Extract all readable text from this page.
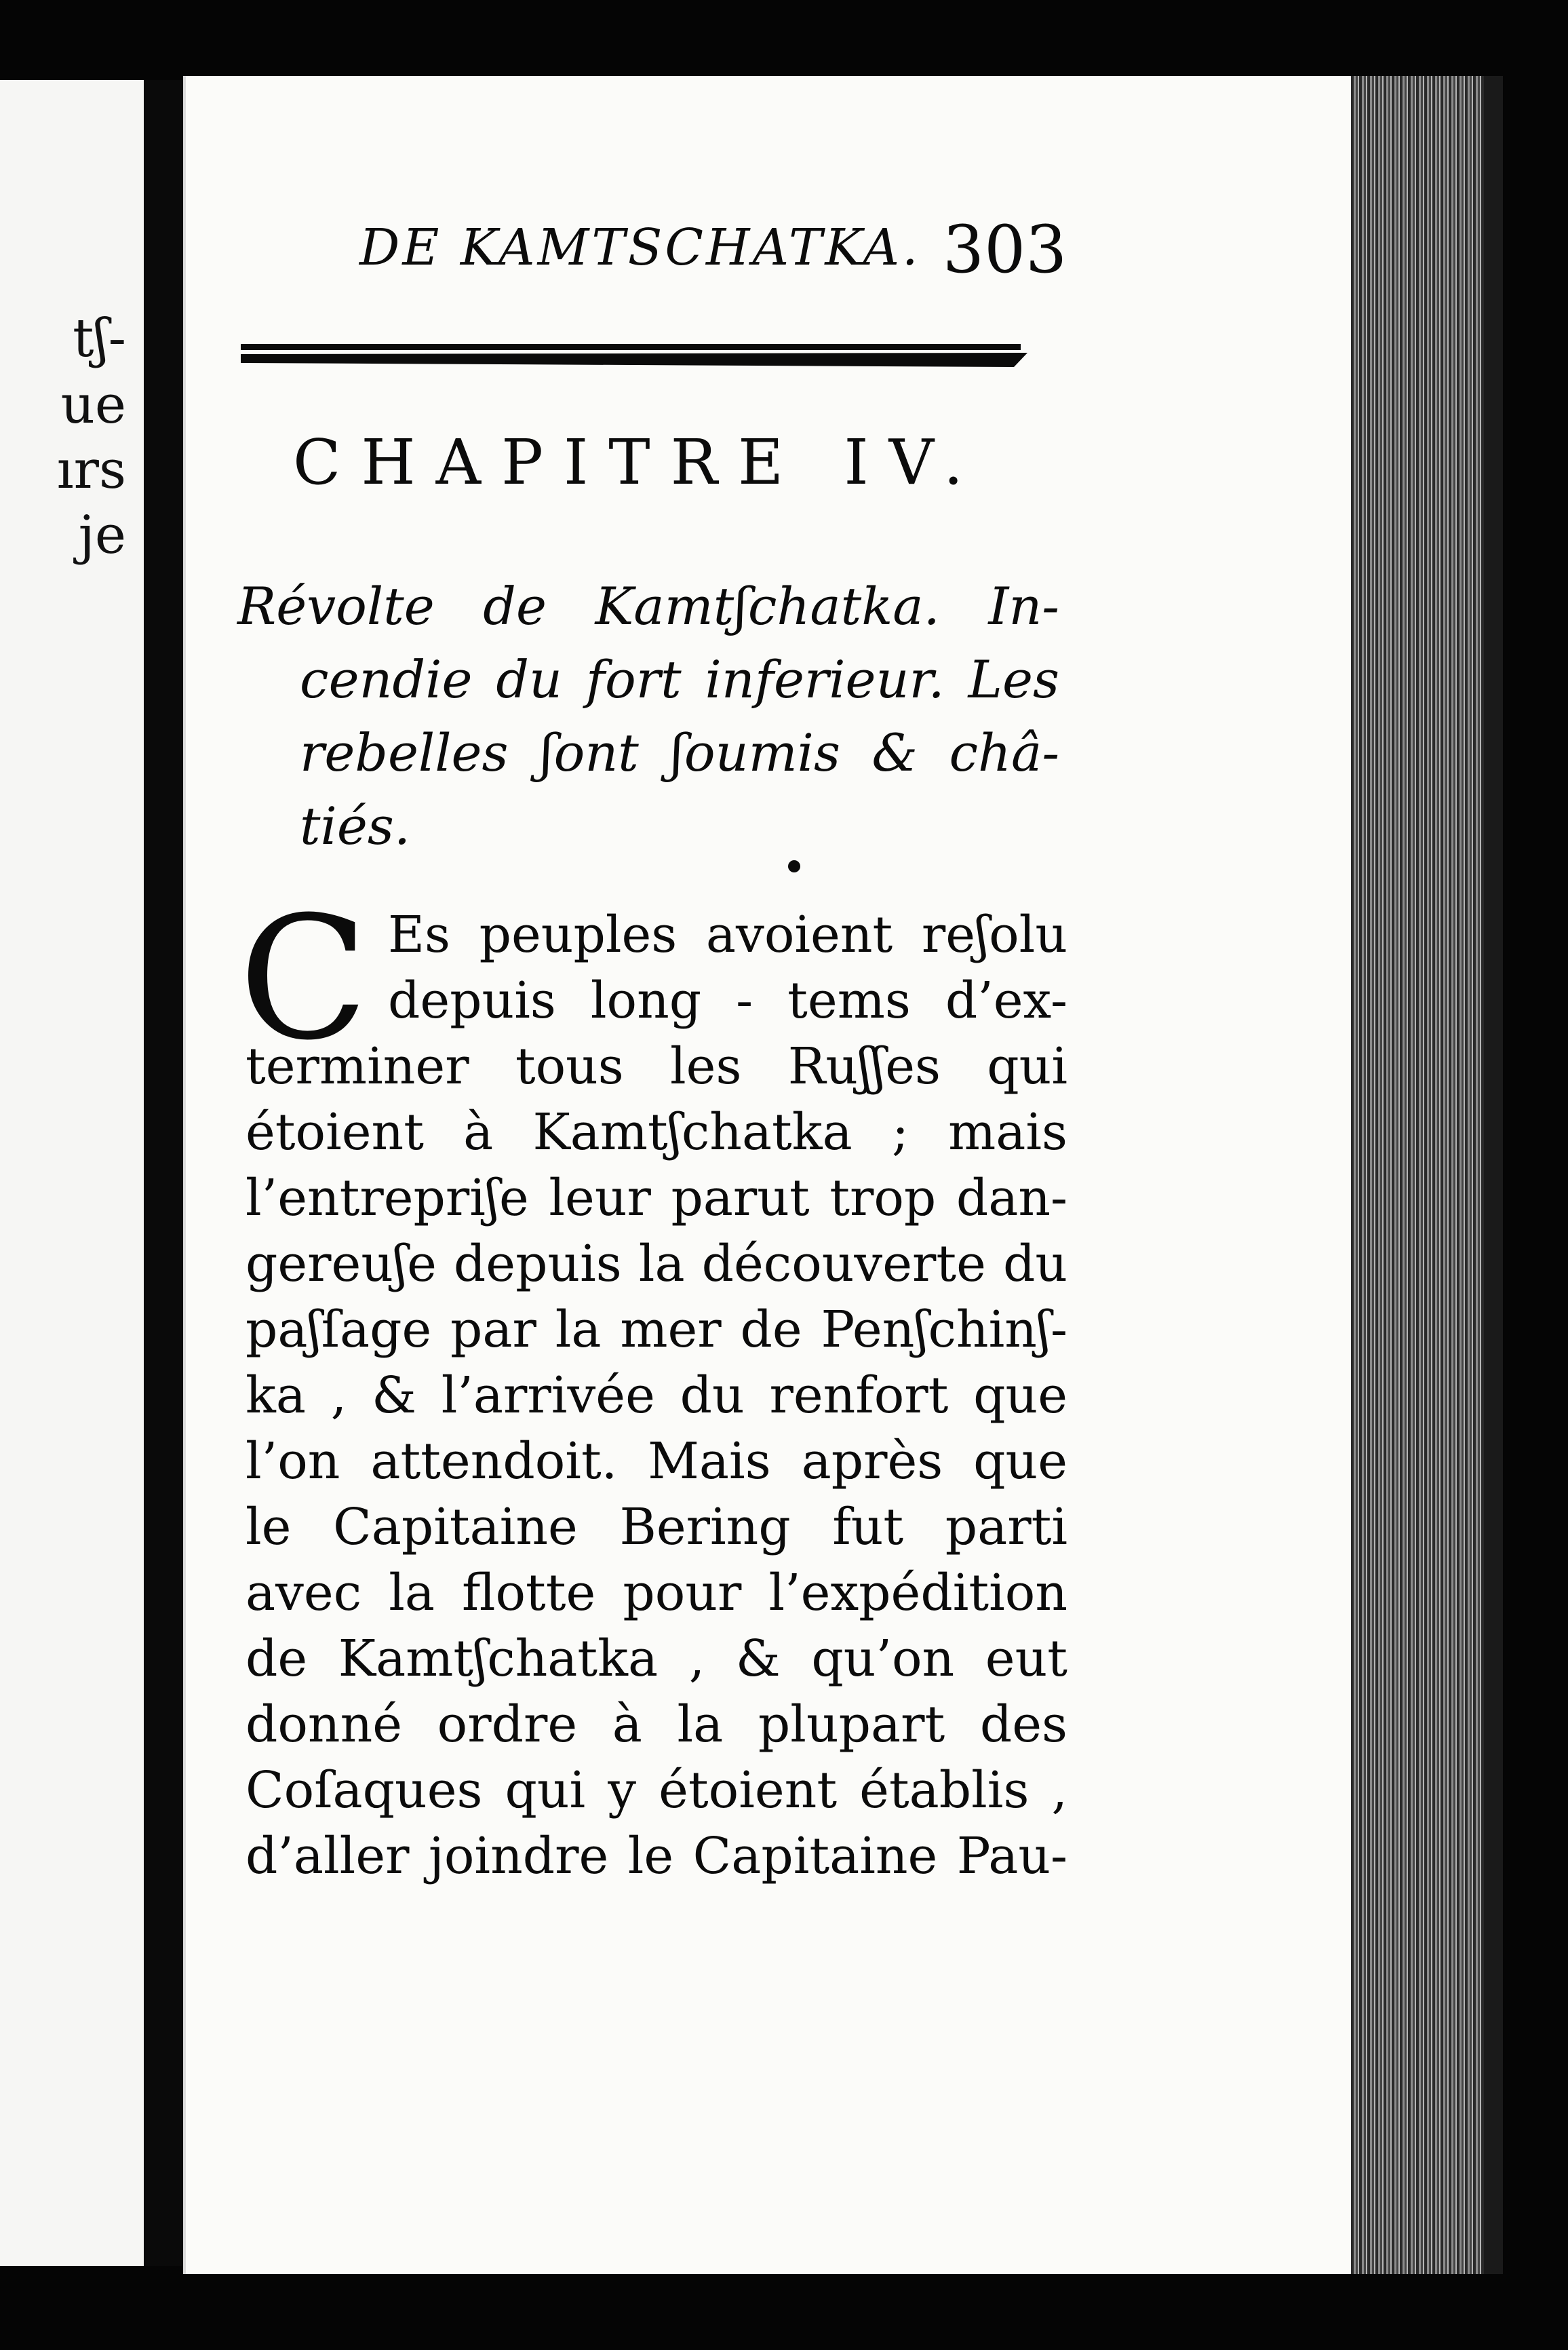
tʃ-
ue
ırs
je
DE KAMTSCHATKA. 303
CHAPITRE IV.
Révolte de Kamtʃchatka. In-
cendie du fort inferieur. Les
rebelles ʃont ʃoumis & châ-
tiés.
C Es peuples avoient reʃolu
depuis long - tems d’ex-
terminer tous les Ruʃʃes qui
étoient à Kamtʃchatka ; mais
l’entrepriʃe leur parut trop dan-
gereuʃe depuis la découverte du
paʃſage par la mer de Penʃchinʃ-
ka , & l’arrivée du renfort que
l’on attendoit. Mais après que
le Capitaine Bering fut parti
avec la flotte pour l’expédition
de Kamtʃchatka , & qu’on eut
donné ordre à la plupart des
Coſaques qui y étoient établis ,
d’aller joindre le Capitaine Pau-
